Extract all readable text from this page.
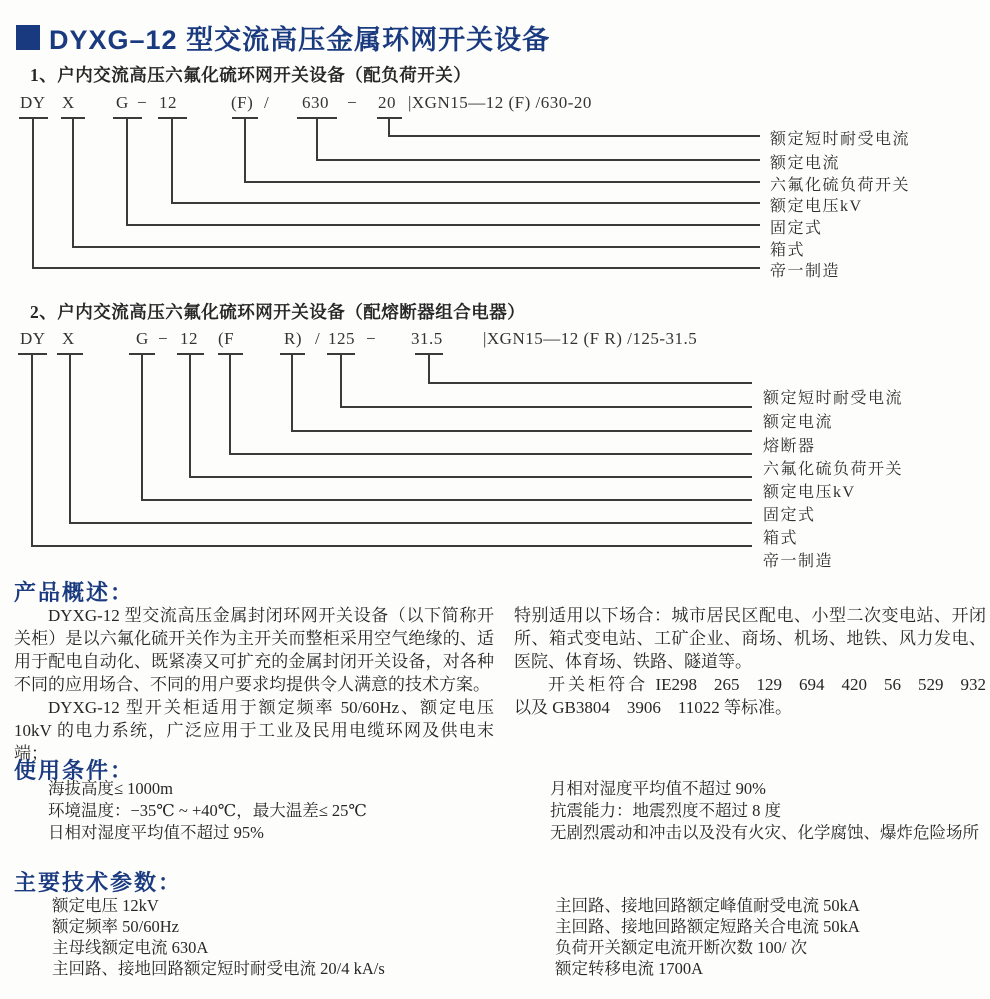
DYXG–12 型交流高压金属环网开关设备
1、户内交流高压六氟化硫环网开关设备（配负荷开关）
DY X G − 12	(F) / 630 − 20 |XGN15—12 (F) /630-20
额定短时耐受电流
额定电流
六氟化硫负荷开关
额定电压kV
固定式
箱式
帝一制造
2、户内交流高压六氟化硫环网开关设备（配熔断器组合电器）
DY X	G − 12 (F	R) / 125 − 31.5 |XGN15—12 (F R) /125-31.5
额定短时耐受电流
额定电流
熔断器
六氟化硫负荷开关
额定电压kV
固定式
箱式
帝一制造
产品概述：

DYXG-12 型交流高压金属封闭环网开关设备（以下简称开关柜）是以六氟化硫开关作为主开关而整柜采用空气绝缘的、适用于配电自动化、既紧凑又可扩充的金属封闭开关设备，对各种不同的应用场合、不同的用户要求均提供令人满意的技术方案。

DYXG-12 型开关柜适用于额定频率 50/60Hz、额定电压 10kV 的电力系统，广泛应用于工业及民用电缆环网及供电末端；

特别适用以下场合：城市居民区配电、小型二次变电站、开闭所、箱式变电站、工矿企业、商场、机场、地铁、风力发电、医院、体育场、铁路、隧道等。

开关柜符合 IE298 265 129 694 420 56 529 932 以及 GB3804 3906 11022 等标准。

使用条件：
海拔高度≤ 1000m
环境温度：−35℃ ~ +40℃，最大温差≤ 25℃
日相对湿度平均值不超过 95%
月相对湿度平均值不超过 90%
抗震能力：地震烈度不超过 8 度
无剧烈震动和冲击以及没有火灾、化学腐蚀、爆炸危险场所
主要技术参数：
额定电压 12kV
额定频率 50/60Hz
主母线额定电流 630A
主回路、接地回路额定短时耐受电流 20/4 kA/s
主回路、接地回路额定峰值耐受电流 50kA
主回路、接地回路额定短路关合电流 50kA
负荷开关额定电流开断次数 100/ 次
额定转移电流 1700A
